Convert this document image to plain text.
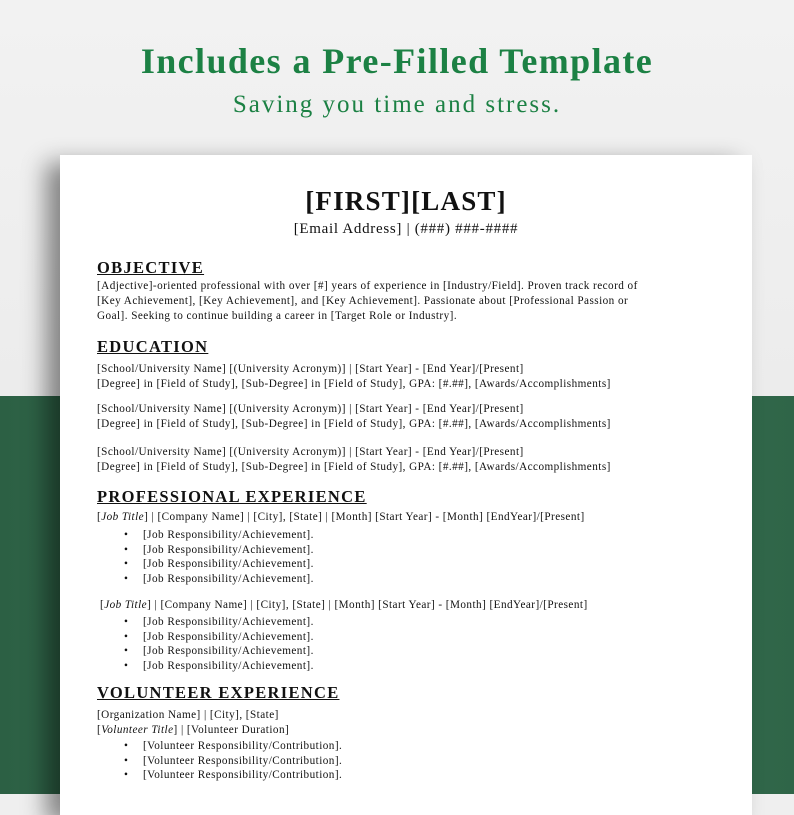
Includes a Pre-Filled Template
Saving you time and stress.
[FIRST][LAST]
[Email Address] | (###) ###-####
OBJECTIVE
[Adjective]-oriented professional with over [#] years of experience in [Industry/Field]. Proven track record of
[Key Achievement], [Key Achievement], and [Key Achievement]. Passionate about [Professional Passion or
Goal]. Seeking to continue building a career in [Target Role or Industry].
EDUCATION
[School/University Name] [(University Acronym)] | [Start Year] - [End Year]/[Present]
[Degree] in [Field of Study], [Sub-Degree] in [Field of Study], GPA: [#.##], [Awards/Accomplishments]
[School/University Name] [(University Acronym)] | [Start Year] - [End Year]/[Present]
[Degree] in [Field of Study], [Sub-Degree] in [Field of Study], GPA: [#.##], [Awards/Accomplishments]
[School/University Name] [(University Acronym)] | [Start Year] - [End Year]/[Present]
[Degree] in [Field of Study], [Sub-Degree] in [Field of Study], GPA: [#.##], [Awards/Accomplishments]
PROFESSIONAL EXPERIENCE
[Job Title] | [Company Name] | [City], [State] | [Month] [Start Year] - [Month] [EndYear]/[Present]
• [Job Responsibility/Achievement].
• [Job Responsibility/Achievement].
• [Job Responsibility/Achievement].
• [Job Responsibility/Achievement].
[Job Title] | [Company Name] | [City], [State] | [Month] [Start Year] - [Month] [EndYear]/[Present]
• [Job Responsibility/Achievement].
• [Job Responsibility/Achievement].
• [Job Responsibility/Achievement].
• [Job Responsibility/Achievement].
VOLUNTEER EXPERIENCE
[Organization Name] | [City], [State]
[Volunteer Title] | [Volunteer Duration]
• [Volunteer Responsibility/Contribution].
• [Volunteer Responsibility/Contribution].
• [Volunteer Responsibility/Contribution].
